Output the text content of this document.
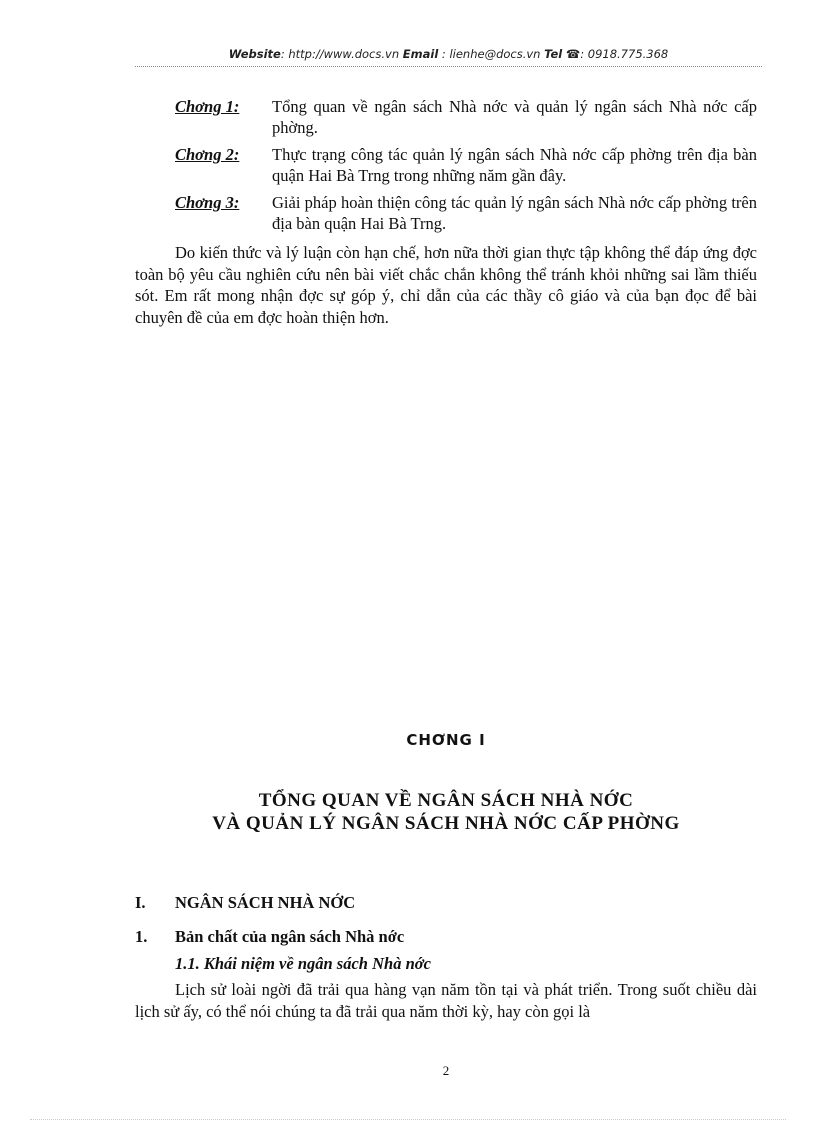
Website: http://www.docs.vn Email : lienhe@docs.vn Tel ☎: 0918.775.368
Chơng 1:	Tổng quan về ngân sách Nhà nớc và quản lý ngân sách Nhà nớc cấp phờng.
Chơng 2:	Thực trạng công tác quản lý ngân sách Nhà nớc cấp phờng trên địa bàn quận Hai Bà Trng trong những năm gần đây.
Chơng 3:	Giải pháp hoàn thiện công tác quản lý ngân sách Nhà nớc cấp phờng trên địa bàn quận Hai Bà Trng.

Do kiến thức và lý luận còn hạn chế, hơn nữa thời gian thực tập không thể đáp ứng đợc toàn bộ yêu cầu nghiên cứu nên bài viết chắc chắn không thể tránh khỏi những sai lầm thiếu sót. Em rất mong nhận đợc sự góp ý, chỉ dẫn của các thầy cô giáo và của bạn đọc để bài chuyên đề của em đợc hoàn thiện hơn.

CHƠNG I
TỔNG QUAN VỀ NGÂN SÁCH NHÀ NỚC
VÀ QUẢN LÝ NGÂN SÁCH NHÀ NỚC CẤP PHỜNG
I.	NGÂN SÁCH NHÀ NỚC
1.	Bản chất của ngân sách Nhà nớc
1.1. Khái niệm về ngân sách Nhà nớc

Lịch sử loài ngời đã trải qua hàng vạn năm tồn tại và phát triển. Trong suốt chiều dài lịch sử ấy, có thể nói chúng ta đã trải qua năm thời kỳ, hay còn gọi là

2
